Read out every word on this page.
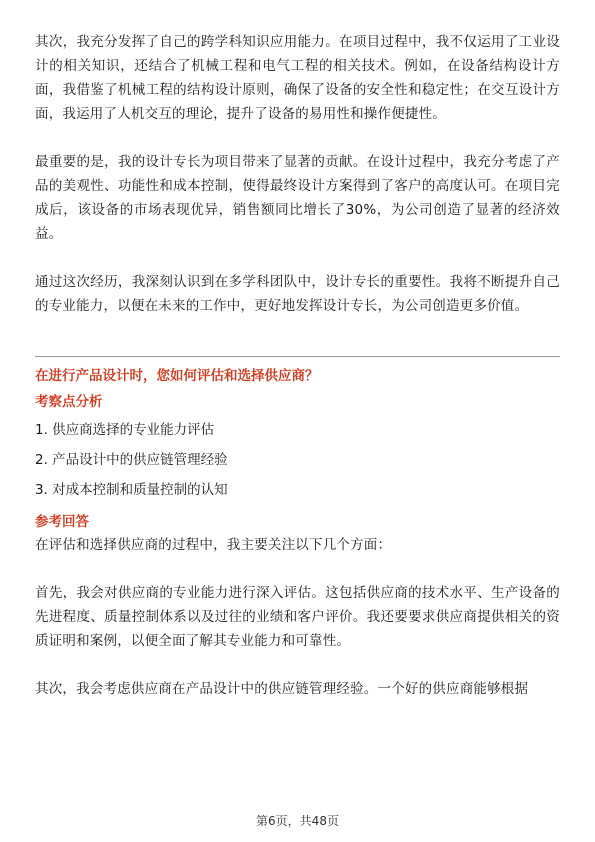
其次，我充分发挥了自己的跨学科知识应用能力。在项目过程中，我不仅运用了工业设计的相关知识，还结合了机械工程和电气工程的相关技术。例如，在设备结构设计方面，我借鉴了机械工程的结构设计原则，确保了设备的安全性和稳定性；在交互设计方面，我运用了人机交互的理论，提升了设备的易用性和操作便捷性。

最重要的是，我的设计专长为项目带来了显著的贡献。在设计过程中，我充分考虑了产品的美观性、功能性和成本控制，使得最终设计方案得到了客户的高度认可。在项目完成后，该设备的市场表现优异，销售额同比增长了30%，为公司创造了显著的经济效益。

通过这次经历，我深刻认识到在多学科团队中，设计专长的重要性。我将不断提升自己的专业能力，以便在未来的工作中，更好地发挥设计专长，为公司创造更多价值。

在进行产品设计时，您如何评估和选择供应商？

考察点分析

1. 供应商选择的专业能力评估

2. 产品设计中的供应链管理经验

3. 对成本控制和质量控制的认知

参考回答

在评估和选择供应商的过程中，我主要关注以下几个方面：

首先，我会对供应商的专业能力进行深入评估。这包括供应商的技术水平、生产设备的先进程度、质量控制体系以及过往的业绩和客户评价。我还要要求供应商提供相关的资质证明和案例，以便全面了解其专业能力和可靠性。

其次，我会考虑供应商在产品设计中的供应链管理经验。一个好的供应商能够根据

第6页，共48页
